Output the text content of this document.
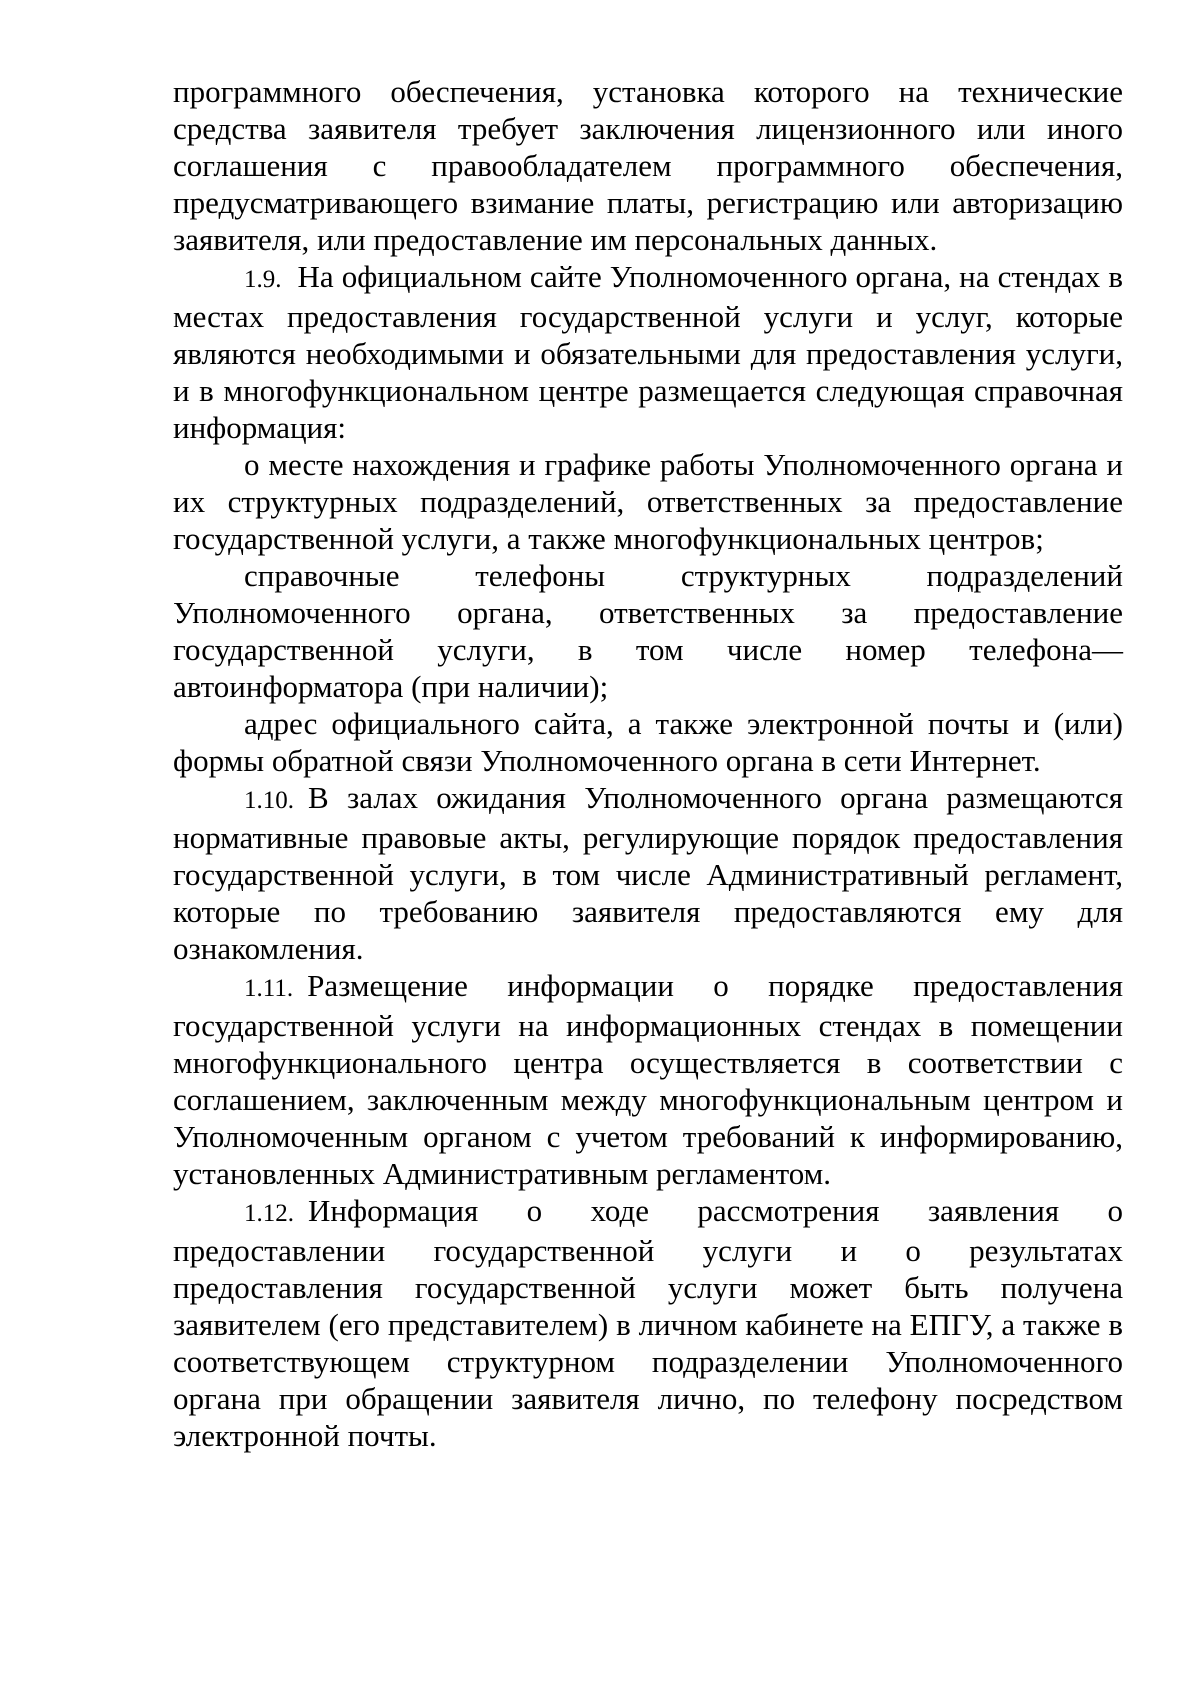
программного обеспечения, установка которого на технические средства заявителя требует заключения лицензионного или иного соглашения с правообладателем программного обеспечения, предусматривающего взимание платы, регистрацию или авторизацию заявителя, или предоставление им персональных данных.

1.9. На официальном сайте Уполномоченного органа, на стендах в местах предоставления государственной услуги и услуг, которые являются необходимыми и обязательными для предоставления услуги, и в многофункциональном центре размещается следующая справочная информация:

о месте нахождения и графике работы Уполномоченного органа и их структурных подразделений, ответственных за предоставление государственной услуги, а также многофункциональных центров;

справочные телефоны структурных подразделений Уполномоченного органа, ответственных за предоставление государственной услуги, в том числе номер телефона—автоинформатора (при наличии);

адрес официального сайта, а также электронной почты и (или) формы обратной связи Уполномоченного органа в сети Интернет.

1.10. В залах ожидания Уполномоченного органа размещаются нормативные правовые акты, регулирующие порядок предоставления государственной услуги, в том числе Административный регламент, которые по требованию заявителя предоставляются ему для ознакомления.

1.11. Размещение информации о порядке предоставления государственной услуги на информационных стендах в помещении многофункционального центра осуществляется в соответствии с соглашением, заключенным между многофункциональным центром и Уполномоченным органом с учетом требований к информированию, установленных Административным регламентом.

1.12. Информация о ходе рассмотрения заявления о предоставлении государственной услуги и о результатах предоставления государственной услуги может быть получена заявителем (его представителем) в личном кабинете на ЕПГУ, а также в соответствующем структурном подразделении Уполномоченного органа при обращении заявителя лично, по телефону посредством электронной почты.
